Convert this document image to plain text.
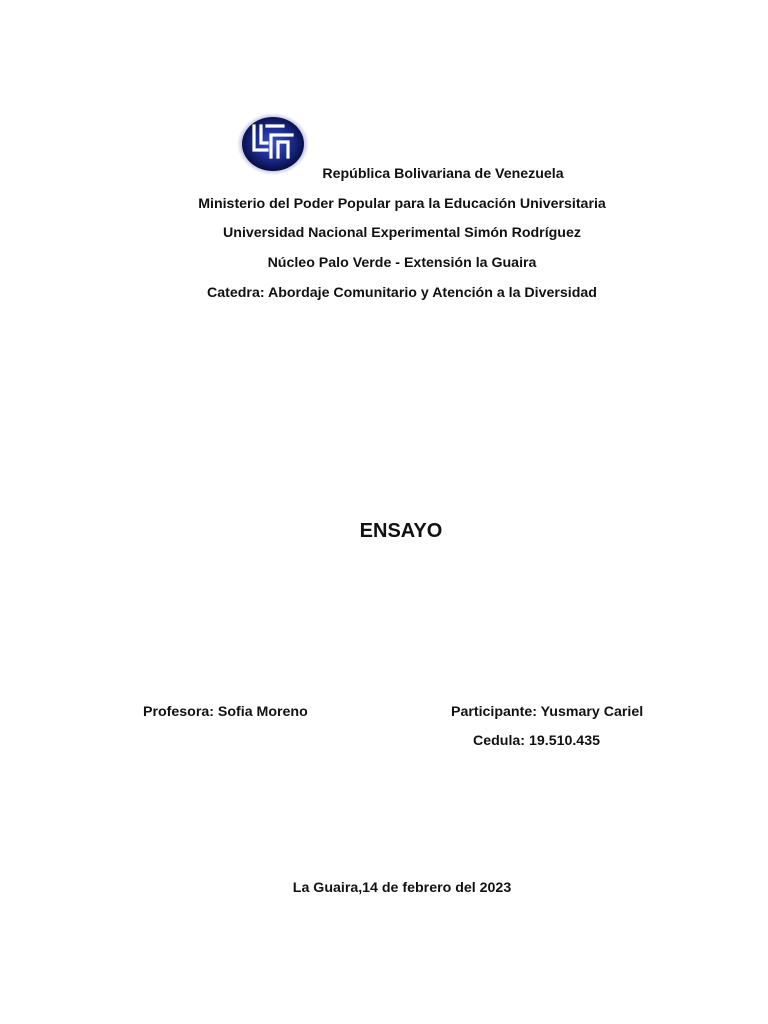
República Bolivariana de Venezuela
Ministerio del Poder Popular para la Educación Universitaria
Universidad Nacional Experimental Simón Rodríguez
Núcleo Palo Verde - Extensión la Guaira
Catedra: Abordaje Comunitario y Atención a la Diversidad
ENSAYO
Profesora: Sofia Moreno	Participante: Yusmary Cariel
Cedula: 19.510.435
La Guaira,14 de febrero del 2023
